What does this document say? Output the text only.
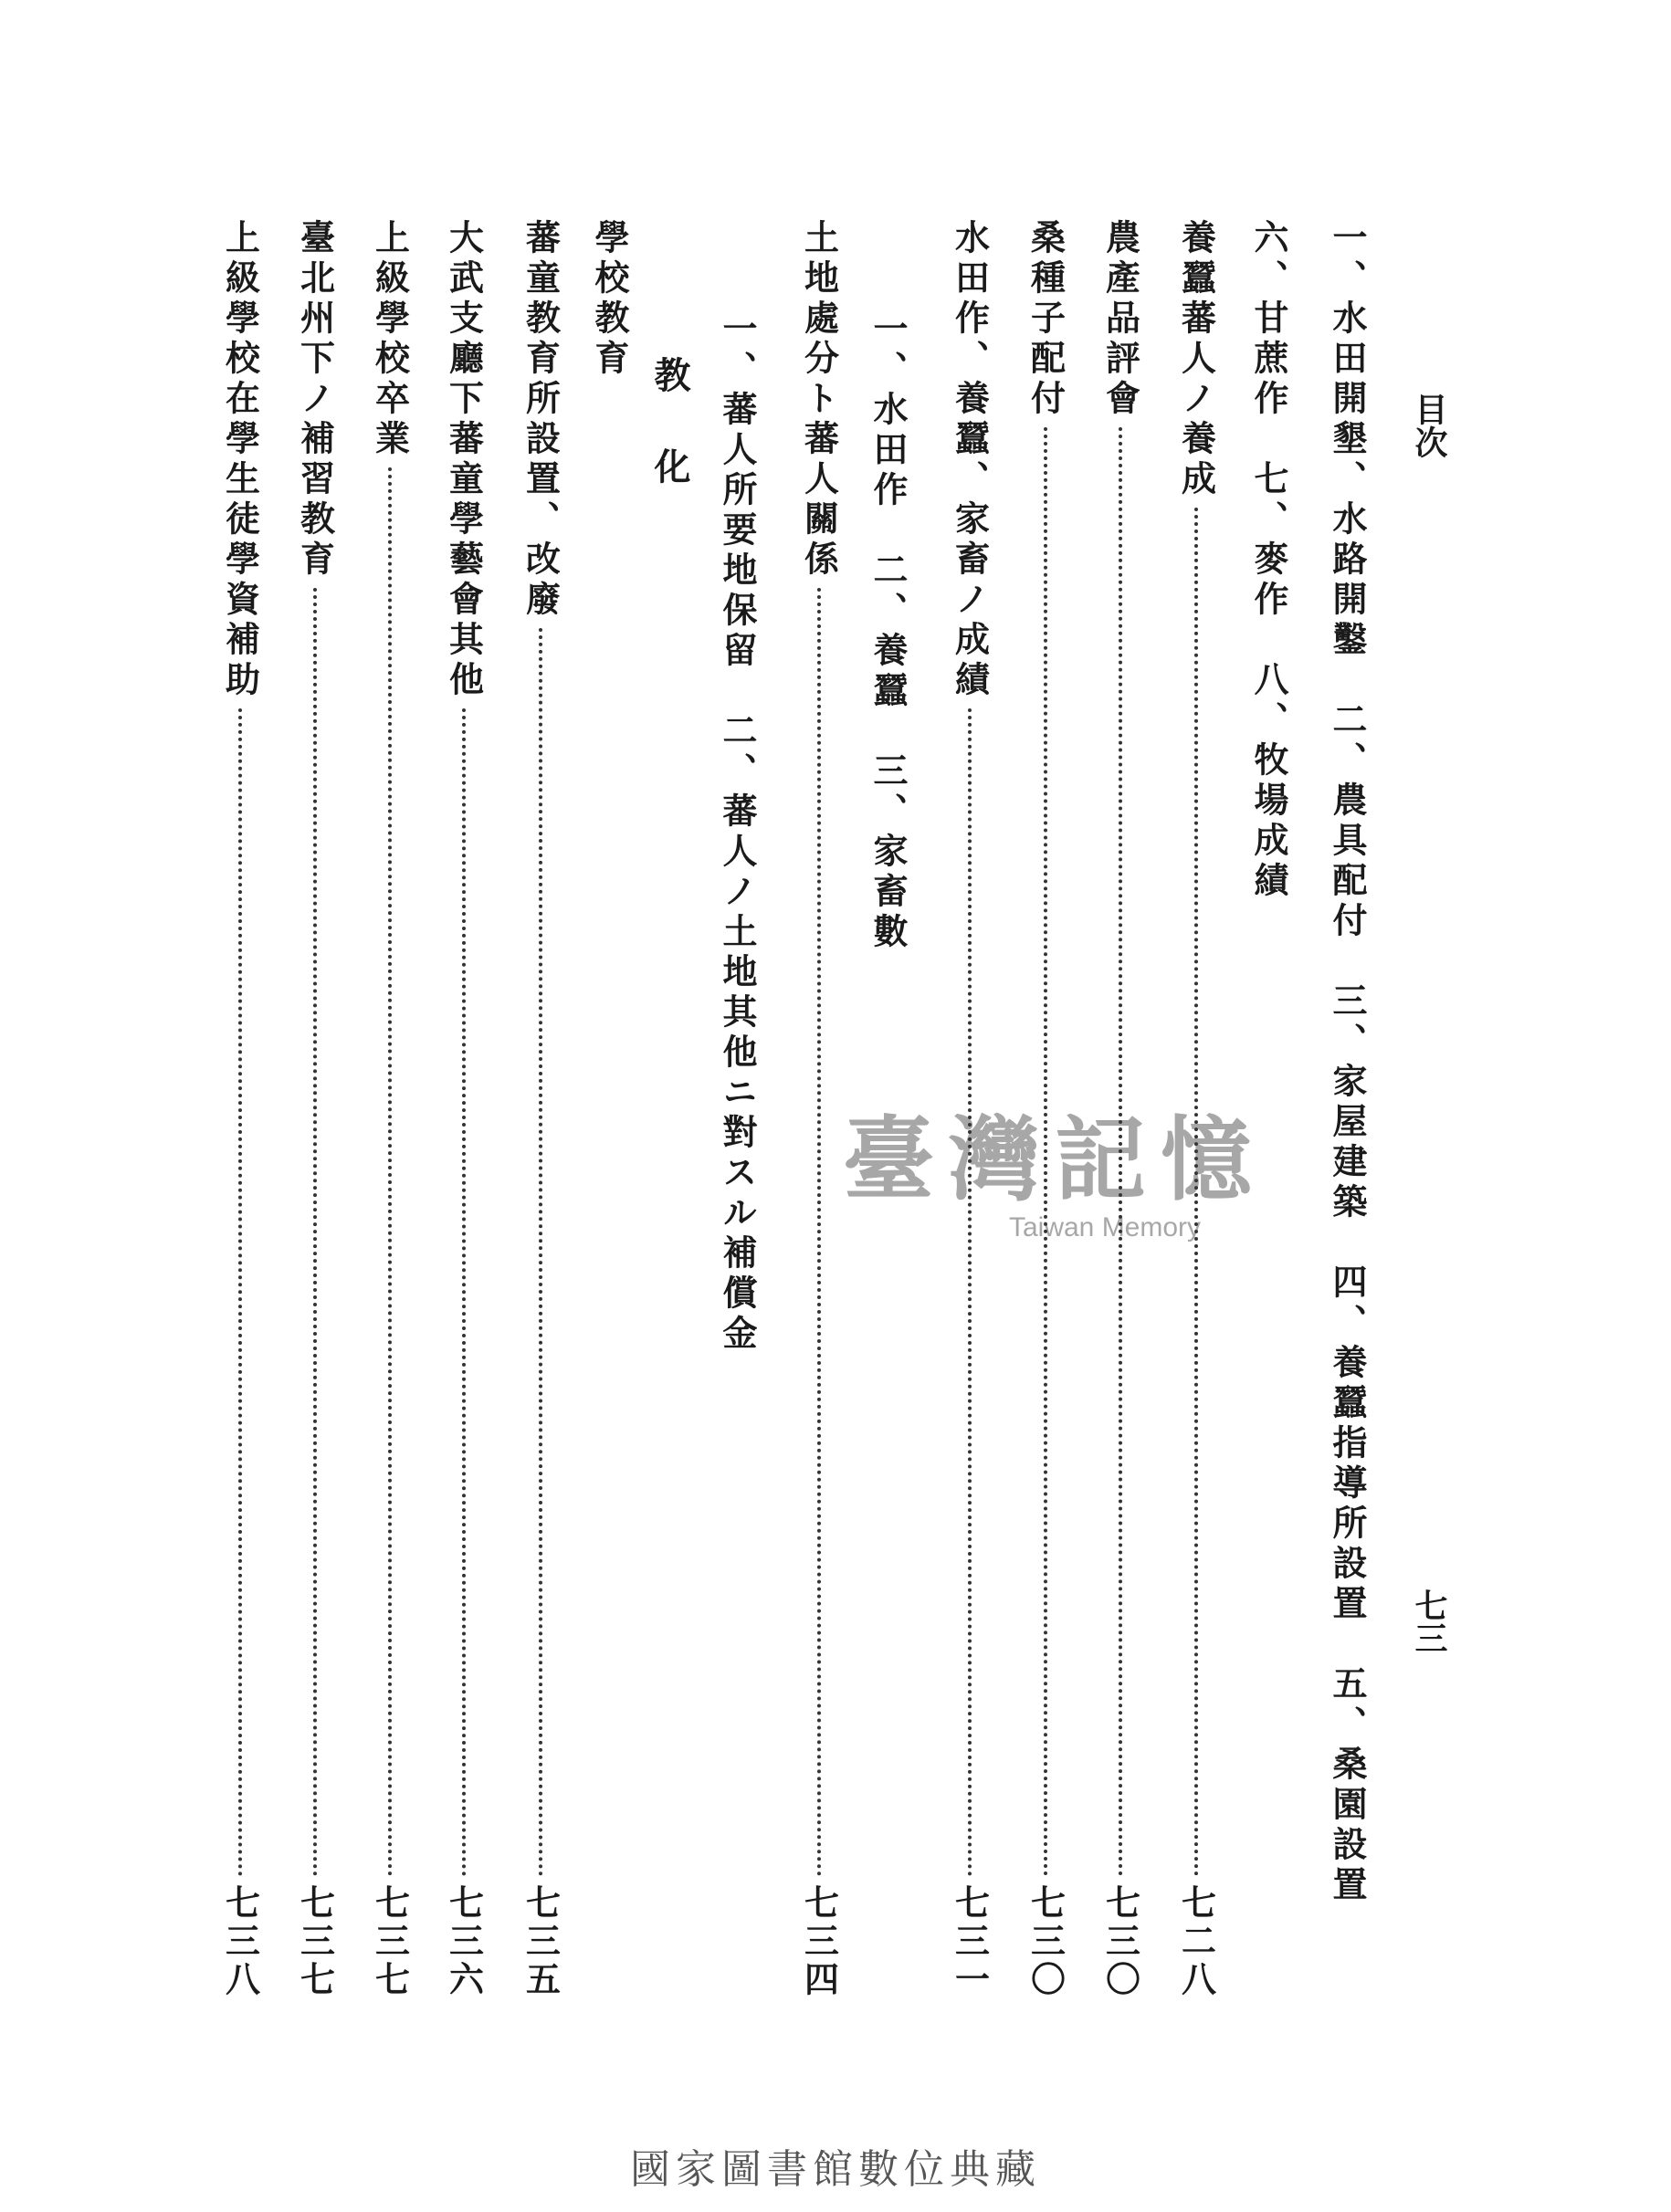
目次
七三
一、水田開墾、水路開鑿　二、農具配付　三、家屋建築　四、養蠶指導所設置　五、桑園設置
六、甘蔗作　七、麥作　八、牧場成績
養蠶蕃人ノ養成
七二八
農產品評會
七三〇
桑種子配付
七三〇
水田作、養蠶、家畜ノ成績
七三一
一、水田作　二、養蠶　三、家畜數
土地處分ト蕃人關係
七三四
一、蕃人所要地保留　二、蕃人ノ土地其他ニ對スル補償金
教化
學校教育
蕃童教育所設置、改廢
七三五
大武支廳下蕃童學藝會其他
七三六
上級學校卒業
七三七
臺北州下ノ補習教育
七三七
上級學校在學生徒學資補助
七三八
臺灣記憶
Taiwan Memory
國家圖書館數位典藏
